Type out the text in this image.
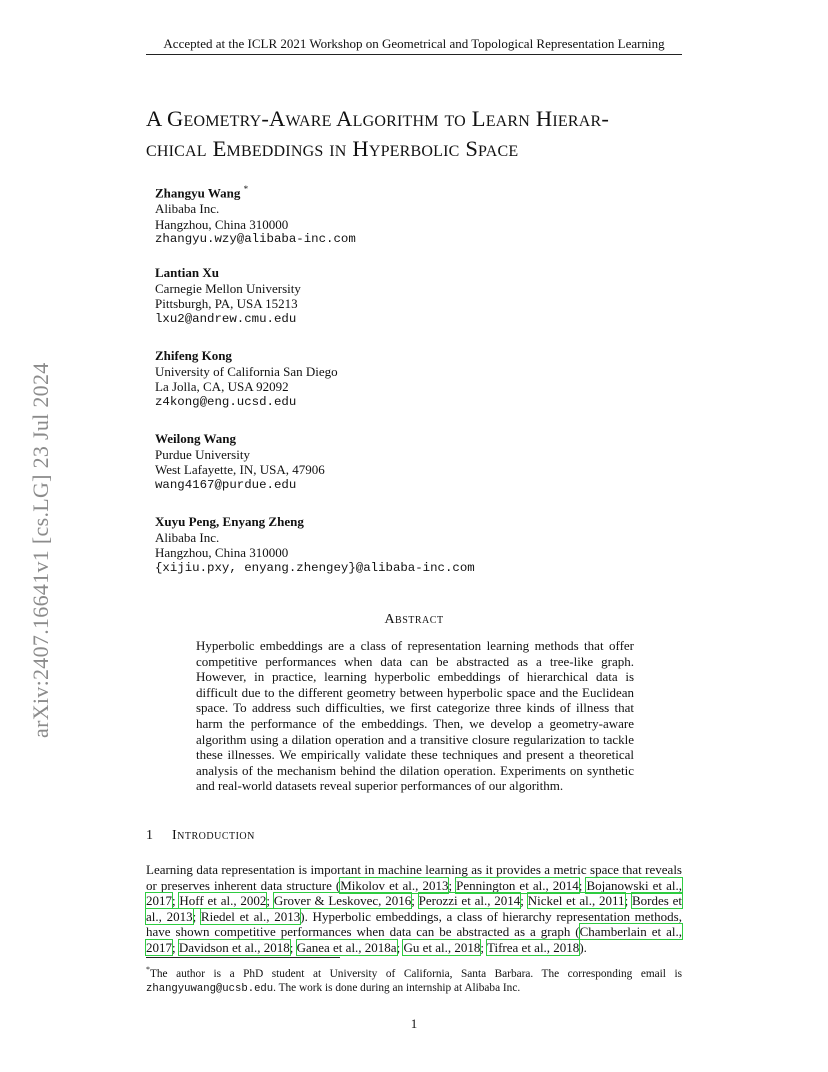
Accepted at the ICLR 2021 Workshop on Geometrical and Topological Representation Learning
arXiv:2407.16641v1 [cs.LG] 23 Jul 2024
A Geometry-Aware Algorithm to Learn Hierar-
chical Embeddings in Hyperbolic Space
Zhangyu Wang *
Alibaba Inc.
Hangzhou, China 310000
zhangyu.wzy@alibaba-inc.com
Lantian Xu
Carnegie Mellon University
Pittsburgh, PA, USA 15213
lxu2@andrew.cmu.edu
Zhifeng Kong
University of California San Diego
La Jolla, CA, USA 92092
z4kong@eng.ucsd.edu
Weilong Wang
Purdue University
West Lafayette, IN, USA, 47906
wang4167@purdue.edu
Xuyu Peng, Enyang Zheng
Alibaba Inc.
Hangzhou, China 310000
{xijiu.pxy, enyang.zhengey}@alibaba-inc.com
Abstract
Hyperbolic embeddings are a class of representation learning methods that offer competitive performances when data can be abstracted as a tree-like graph. However, in practice, learning hyperbolic embeddings of hierarchical data is difficult due to the different geometry between hyperbolic space and the Euclidean space. To address such difficulties, we first categorize three kinds of illness that harm the performance of the embeddings. Then, we develop a geometry-aware algorithm using a dilation operation and a transitive closure regularization to tackle these illnesses. We empirically validate these techniques and present a theoretical analysis of the mechanism behind the dilation operation. Experiments on synthetic and real-world datasets reveal superior performances of our algorithm.
1 Introduction
Learning data representation is important in machine learning as it provides a metric space that reveals or preserves inherent data structure (Mikolov et al., 2013; Pennington et al., 2014; Bojanowski et al., 2017; Hoff et al., 2002; Grover & Leskovec, 2016; Perozzi et al., 2014; Nickel et al., 2011; Bordes et al., 2013; Riedel et al., 2013). Hyperbolic embeddings, a class of hierarchy representation methods, have shown competitive performances when data can be abstracted as a graph (Chamberlain et al., 2017; Davidson et al., 2018; Ganea et al., 2018a; Gu et al., 2018; Tifrea et al., 2018).
*The author is a PhD student at University of California, Santa Barbara. The corresponding email is zhangyuwang@ucsb.edu. The work is done during an internship at Alibaba Inc.
1
